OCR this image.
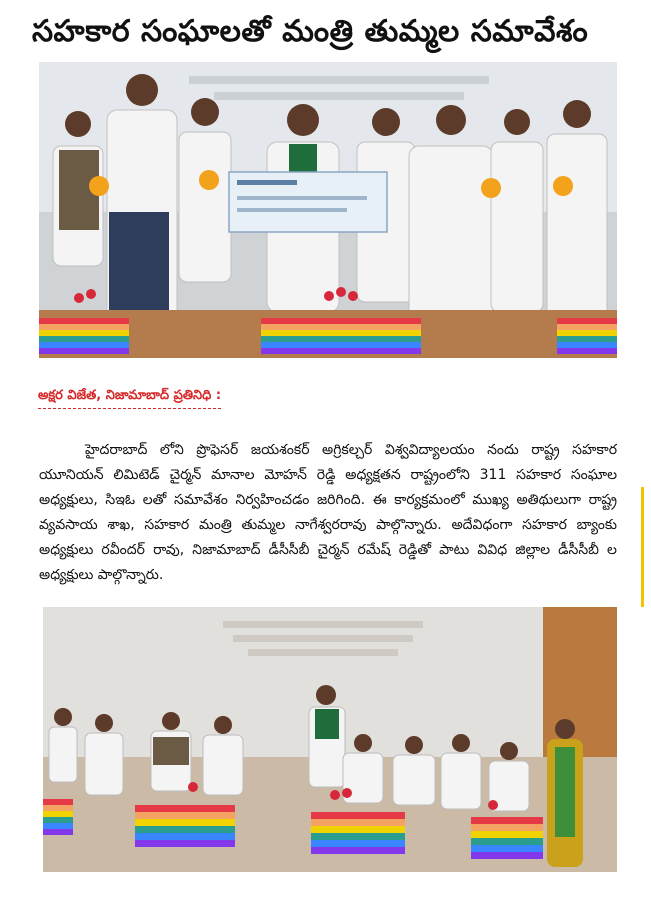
సహకార సంఘాలతో మంత్రి తుమ్మల సమావేశం
అక్షర విజేత, నిజామాబాద్ ప్రతినిధి :
హైదరాబాద్ లోని ప్రొఫెసర్ జయశంకర్ అగ్రికల్చర్ విశ్వవిద్యాలయం నందు రాష్ట్ర సహకార యూనియన్ లిమిటెడ్ చైర్మన్ మానాల మోహన్ రెడ్డి అధ్యక్షతన రాష్ట్రంలోని 311 సహకార సంఘాల అధ్యక్షులు, సిఇఓ లతో సమావేశం నిర్వహించడం జరిగింది. ఈ కార్యక్రమంలో ముఖ్య అతిథులుగా రాష్ట్ర వ్యవసాయ శాఖ, సహకార మంత్రి తుమ్మల నాగేశ్వరరావు పాల్గొన్నారు. అదేవిధంగా సహకార బ్యాంకు అధ్యక్షులు రవీందర్ రావు, నిజామాబాద్ డీసీసీబీ చైర్మన్ రమేష్ రెడ్డితో పాటు వివిధ జిల్లాల డీసీసీబీ ల అధ్యక్షులు పాల్గొన్నారు.
